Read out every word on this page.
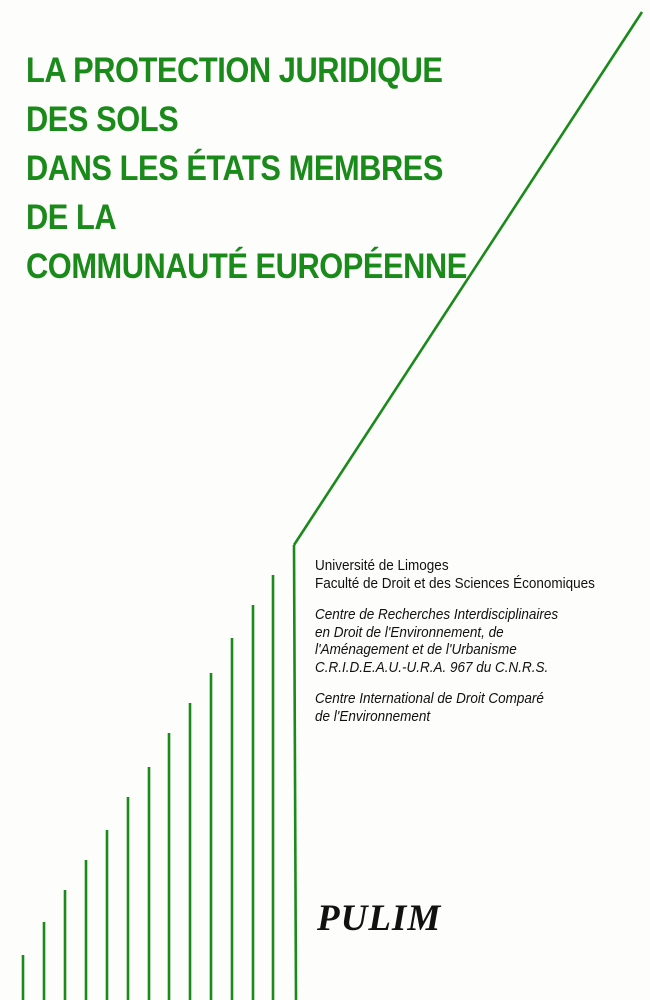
LA PROTECTION JURIDIQUE
DES SOLS
DANS LES ÉTATS MEMBRES
DE LA
COMMUNAUTÉ EUROPÉENNE
Université de Limoges
Faculté de Droit et des Sciences Économiques
Centre de Recherches Interdisciplinaires
en Droit de l'Environnement, de
l'Aménagement et de l'Urbanisme
C.R.I.D.E.A.U.-U.R.A. 967 du C.N.R.S.
Centre International de Droit Comparé
de l'Environnement
PULIM
